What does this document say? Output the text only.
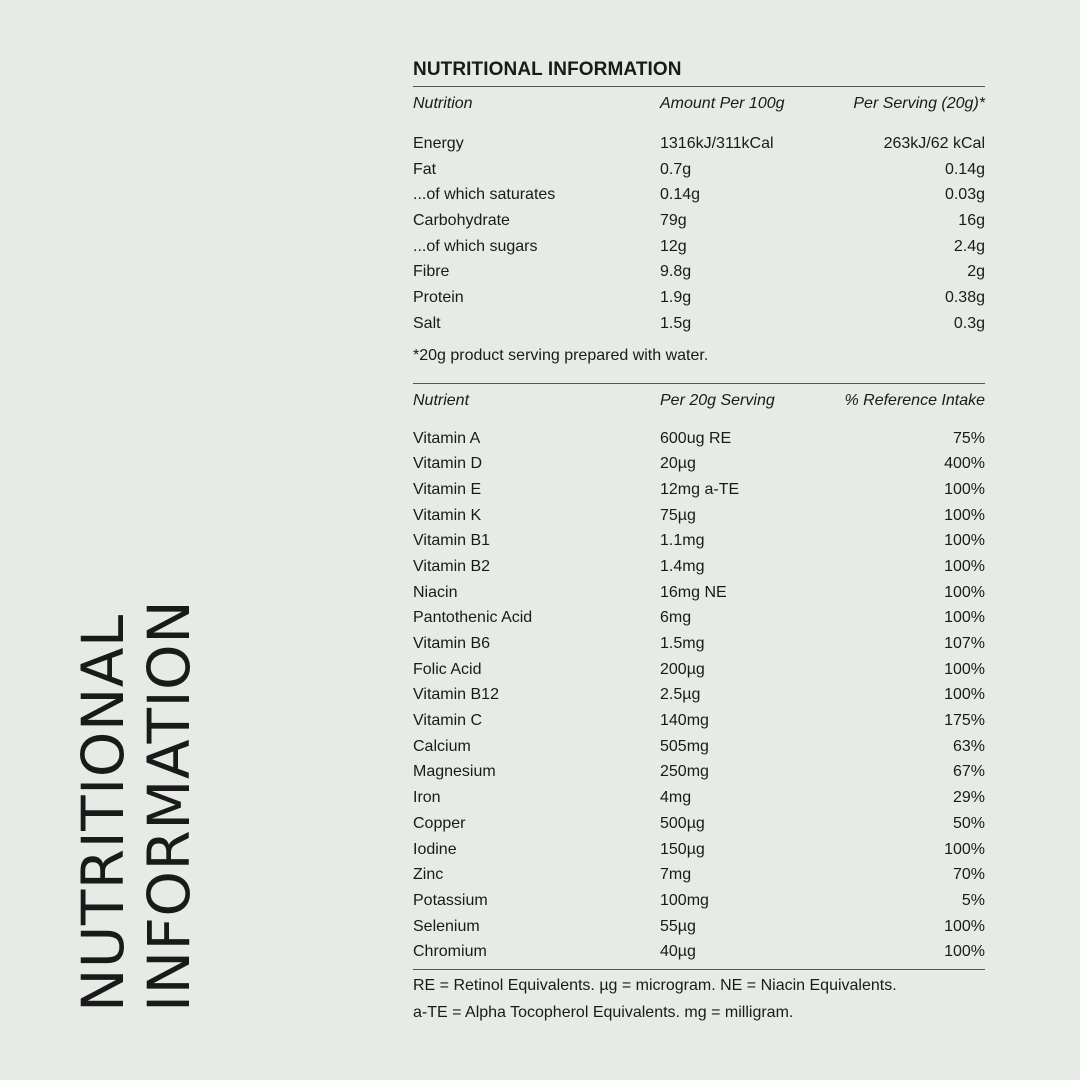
NUTRITIONAL
INFORMATION
NUTRITIONAL INFORMATION
Nutrition	Amount Per 100g	Per Serving (20g)*
Energy	1316kJ/311kCal	263kJ/62 kCal
Fat	0.7g	0.14g
...of which saturates	0.14g	0.03g
Carbohydrate	79g	16g
...of which sugars	12g	2.4g
Fibre	9.8g	2g
Protein	1.9g	0.38g
Salt	1.5g	0.3g
*20g product serving prepared with water.
Nutrient	Per 20g Serving	% Reference Intake
Vitamin A	600ug RE	75%
Vitamin D	20µg	400%
Vitamin E	12mg a-TE	100%
Vitamin K	75µg	100%
Vitamin B1	1.1mg	100%
Vitamin B2	1.4mg	100%
Niacin	16mg NE	100%
Pantothenic Acid	6mg	100%
Vitamin B6	1.5mg	107%
Folic Acid	200µg	100%
Vitamin B12	2.5µg	100%
Vitamin C	140mg	175%
Calcium	505mg	63%
Magnesium	250mg	67%
Iron	4mg	29%
Copper	500µg	50%
Iodine	150µg	100%
Zinc	7mg	70%
Potassium	100mg	5%
Selenium	55µg	100%
Chromium	40µg	100%
RE = Retinol Equivalents. µg = microgram. NE = Niacin Equivalents.
a-TE = Alpha Tocopherol Equivalents. mg = milligram.
